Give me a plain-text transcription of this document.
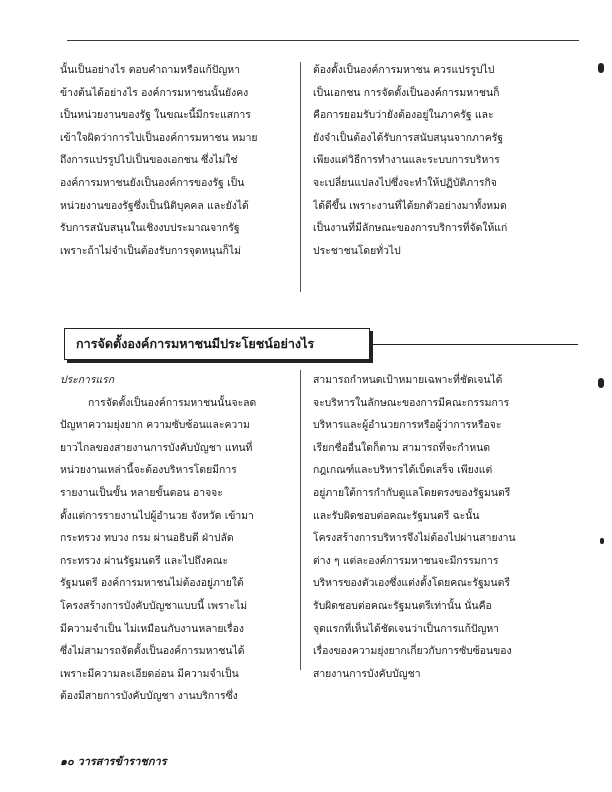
นั้นเป็นอย่างไร ตอบคำถามหรือแก้ปัญหา
ข้างต้นได้อย่างไร องค์การมหาชนนั้นยังคง
เป็นหน่วยงานของรัฐ ในขณะนี้มีกระแสการ
เข้าใจผิดว่าการไปเป็นองค์การมหาชน หมาย
ถึงการแปรรูปไปเป็นของเอกชน ซึ่งไม่ใช่
องค์การมหาชนยังเป็นองค์การของรัฐ เป็น
หน่วยงานของรัฐซึ่งเป็นนิติบุคคล และยังได้
รับการสนับสนุนในเชิงงบประมาณจากรัฐ
เพราะถ้าไม่จำเป็นต้องรับการจุดหนุนก็ไม่
ต้องตั้งเป็นองค์การมหาชน ควรแปรรูปไป
เป็นเอกชน การจัดตั้งเป็นองค์การมหาชนก็
คือการยอมรับว่ายังต้องอยู่ในภาครัฐ และ
ยังจำเป็นต้องได้รับการสนับสนุนจากภาครัฐ
เพียงแต่วิธีการทำงานและระบบการบริหาร
จะเปลี่ยนแปลงไปซึ่งจะทำให้ปฏิบัติภารกิจ
ได้ดีขึ้น เพราะงานที่ได้ยกตัวอย่างมาทั้งหมด
เป็นงานที่มีลักษณะของการบริการที่จัดให้แก่
ประชาชนโดยทั่วไป
การจัดตั้งองค์การมหาชนมีประโยชน์อย่างไร
ประการแรก
การจัดตั้งเป็นองค์การมหาชนนั้นจะลด
ปัญหาความยุ่งยาก ความซับซ้อนและความ
ยาวไกลของสายงานการบังคับบัญชา แทนที่
หน่วยงานเหล่านี้จะต้องบริหารโดยมีการ
รายงานเป็นขั้น หลายขั้นตอน อาจจะ
ตั้งแต่การรายงานไปผู้อำนวย จังหวัด เข้ามา
กระทรวง ทบวง กรม ผ่านอธิบดี ฝ่าปลัด
กระทรวง ผ่านรัฐมนตรี และไปถึงคณะ
รัฐมนตรี องค์การมหาชนไม่ต้องอยู่ภายใต้
โครงสร้างการบังคับบัญชาแบบนี้ เพราะไม่
มีความจำเป็น ไม่เหมือนกับงานหลายเรื่อง
ซึ่งไม่สามารถจัดตั้งเป็นองค์การมหาชนได้
เพราะมีความละเอียดอ่อน มีความจำเป็น
ต้องมีสายการบังคับบัญชา งานบริการซึ่ง
สามารถกำหนดเป้าหมายเฉพาะที่ชัดเจนได้
จะบริหารในลักษณะของการมีคณะกรรมการ
บริหารและผู้อำนวยการหรือผู้ว่าการหรือจะ
เรียกชื่ออื่นใดก็ตาม สามารถที่จะกำหนด
กฎเกณฑ์และบริหารได้เบ็ดเสร็จ เพียงแต่
อยู่ภายใต้การกำกับดูแลโดยตรงของรัฐมนตรี
และรับผิดชอบต่อคณะรัฐมนตรี ฉะนั้น
โครงสร้างการบริหารจึงไม่ต้องไปผ่านสายงาน
ต่าง ๆ แต่ละองค์การมหาชนจะมีกรรมการ
บริหารของตัวเองซึ่งแต่งตั้งโดยคณะรัฐมนตรี
รับผิดชอบต่อคณะรัฐมนตรีเท่านั้น นั่นคือ
จุดแรกที่เห็นได้ชัดเจนว่าเป็นการแก้ปัญหา
เรื่องของความยุ่งยากเกี่ยวกับการซับซ้อนของ
สายงานการบังคับบัญชา
๑๐ วารสารข้าราชการ
